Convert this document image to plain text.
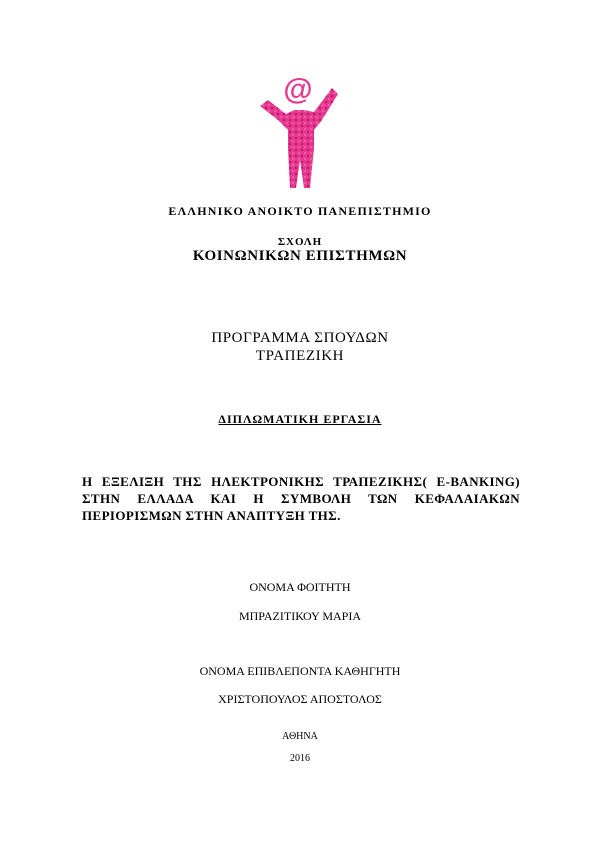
@
ΕΛΛΗΝΙΚΟ ΑΝΟΙΚΤΟ ΠΑΝΕΠΙΣΤΗΜΙΟ
ΣΧΟΛΗ
ΚΟΙΝΩΝΙΚΩΝ ΕΠΙΣΤΗΜΩΝ
ΠΡΟΓΡΑΜΜΑ ΣΠΟΥΔΩΝ
ΤΡΑΠΕΖΙΚΗ
ΔΙΠΛΩΜΑΤΙΚΗ ΕΡΓΑΣΙΑ
Η ΕΞΕΛΙΞΗ ΤΗΣ ΗΛΕΚΤΡΟΝΙΚΗΣ ΤΡΑΠΕΖΙΚΗΣ( E-BANKING) ΣΤΗΝ ΕΛΛΑΔΑ ΚΑΙ Η ΣΥΜΒΟΛΗ ΤΩΝ ΚΕΦΑΛΑΙΑΚΩΝ ΠΕΡΙΟΡΙΣΜΩΝ ΣΤΗΝ ΑΝΑΠΤΥΞΗ ΤΗΣ.
ΟΝΟΜΑ ΦΟΙΤΗΤΗ
ΜΠΡΑΖΙΤΙΚΟΥ ΜΑΡΙΑ
ΟΝΟΜΑ ΕΠΙΒΛΕΠΟΝΤΑ ΚΑΘΗΓΗΤΗ
ΧΡΙΣΤΟΠΟΥΛΟΣ ΑΠΟΣΤΟΛΟΣ
ΑΘΗΝΑ
2016
